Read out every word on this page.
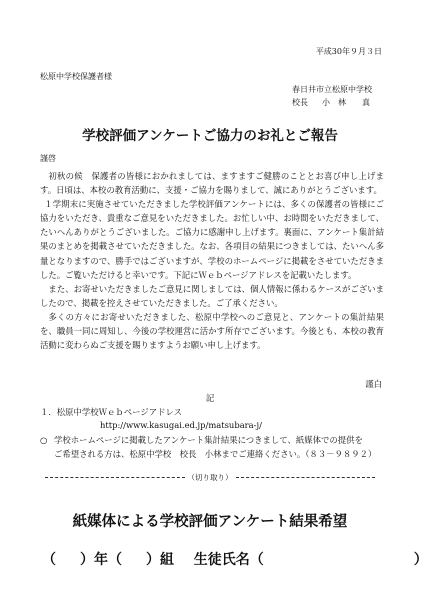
平成30年９月３日
松原中学校保護者様
春日井市立松原中学校
校長 小　林　　真
学校評価アンケートご協力のお礼とご報告
謹啓

初秋の候　保護者の皆様におかれましては、ますますご健勝のこととお喜び申し上げます。日頃は、本校の教育活動に、支援・ご協力を賜りまして、誠にありがとうございます。

１学期末に実施させていただきました学校評価アンケートには、多くの保護者の皆様にご協力をいただき、貴重なご意見をいただきました。お忙しい中、お時間をいただきまして、たいへんありがとうございました。ご協力に感謝申し上げます。裏面に、アンケート集計結果のまとめを掲載させていただきました。なお、各項目の結果につきましては、たいへん多量となりますので、勝手ではございますが、学校のホームページに掲載をさせていただきました。ご覧いただけると幸いです。下記にＷｅｂページアドレスを記載いたします。

また、お寄せいただきましたご意見に関しましては、個人情報に係わるケースがございましたので、掲載を控えさせていただきました。ご了承ください。

多くの方々にお寄せいただきました、松原中学校へのご意見と、アンケートの集計結果を、職員一同に周知し、今後の学校運営に活かす所存でございます。今後とも、本校の教育活動に変わらぬご支援を賜りますようお願い申し上げます。

謹白
記
１．松原中学校Ｗｅｂページアドレス
http://www.kasugai.ed.jp/matsubara-j/
○ 学校ホームページに掲載したアンケート集計結果につきまして、紙媒体での提供を
ご希望される方は、松原中学校　校長　小林までご連絡ください。（８３－９８９２）
（切り取り）
紙媒体による学校評価アンケート結果希望
（ ）年（ ）組 生徒氏名（	）
